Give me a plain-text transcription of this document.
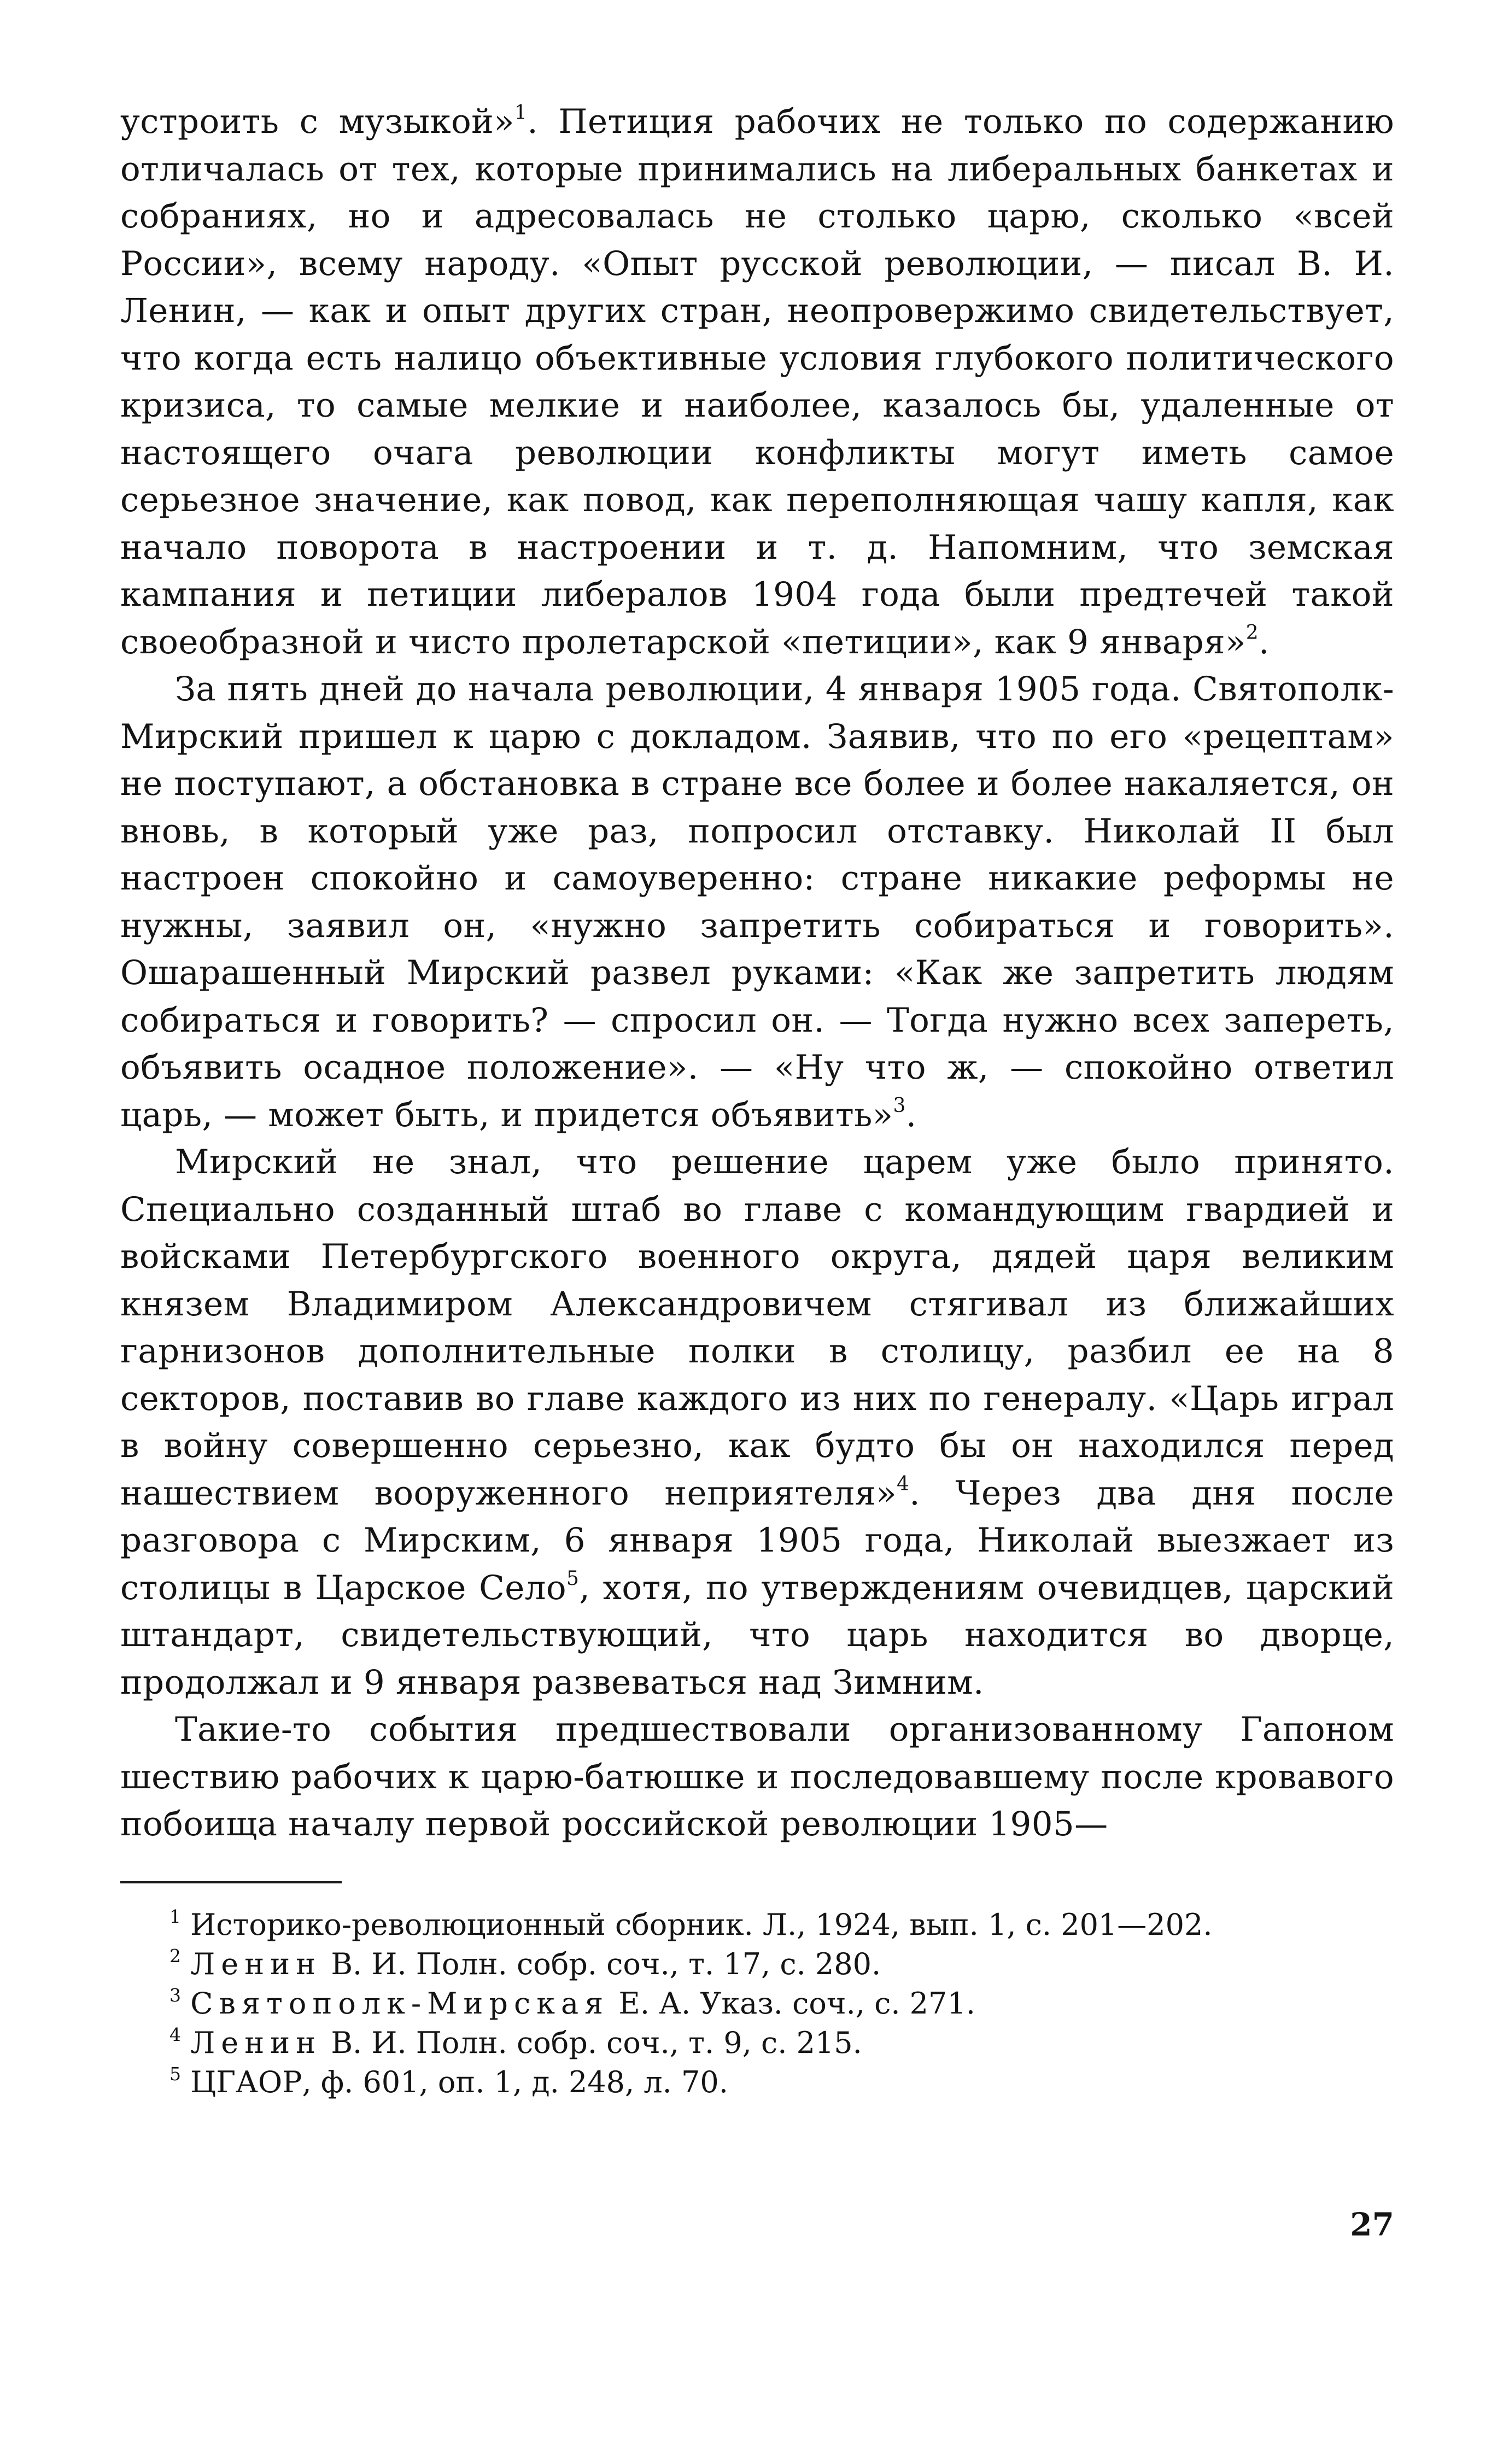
устроить с музыкой»$^1$. Петиция рабочих не только по содержанию отличалась от тех, которые принимались на либеральных банкетах и собраниях, но и адресовалась не столько царю, сколько «всей России», всему народу. «Опыт русской революции, — писал В. И. Ленин, — как и опыт других стран, неопровержимо свидетельствует, что когда есть налицо объективные условия глубокого политического кризиса, то самые мелкие и наиболее, казалось бы, удаленные от настоящего очага революции конфликты могут иметь самое серьезное значение, как повод, как переполняющая чашу капля, как начало поворота в настроении и т. д. Напомним, что земская кампания и петиции либералов 1904 года были предтечей такой своеобразной и чисто пролетарской «петиции», как 9 января»$^2$.

За пять дней до начала революции, 4 января 1905 года. Святополк-Мирский пришел к царю с докладом. Заявив, что по его «рецептам» не поступают, а обстановка в стране все более и более накаляется, он вновь, в который уже раз, попросил отставку. Николай II был настроен спокойно и самоуверенно: стране никакие реформы не нужны, заявил он, «нужно запретить собираться и говорить». Ошарашенный Мирский развел руками: «Как же запретить людям собираться и говорить? — спросил он. — Тогда нужно всех запереть, объявить осадное положение». — «Ну что ж, — спокойно ответил царь, — может быть, и придется объявить»$^3$.

Мирский не знал, что решение царем уже было принято. Специально созданный штаб во главе с командующим гвардией и войсками Петербургского военного округа, дядей царя великим князем Владимиром Александровичем стягивал из ближайших гарнизонов дополнительные полки в столицу, разбил ее на 8 секторов, поставив во главе каждого из них по генералу. «Царь играл в войну совершенно серьезно, как будто бы он находился перед нашествием вооруженного неприятеля»$^4$. Через два дня после разговора с Мирским, 6 января 1905 года, Николай выезжает из столицы в Царское Село$^5$, хотя, по утверждениям очевидцев, царский штандарт, свидетельствующий, что царь находится во дворце, продолжал и 9 января развеваться над Зимним.

Такие-то события предшествовали организованному Гапоном шествию рабочих к царю-батюшке и последовавшему после кровавого побоища началу первой российской революции 1905—

$^1$ Историко-революционный сборник. Л., 1924, вып. 1, с. 201—202.

$^2$ Ленин В. И. Полн. собр. соч., т. 17, с. 280.

$^3$ Святополк-Мирская Е. А. Указ. соч., с. 271.

$^4$ Ленин В. И. Полн. собр. соч., т. 9, с. 215.

$^5$ ЦГАОР, ф. 601, оп. 1, д. 248, л. 70.

27
